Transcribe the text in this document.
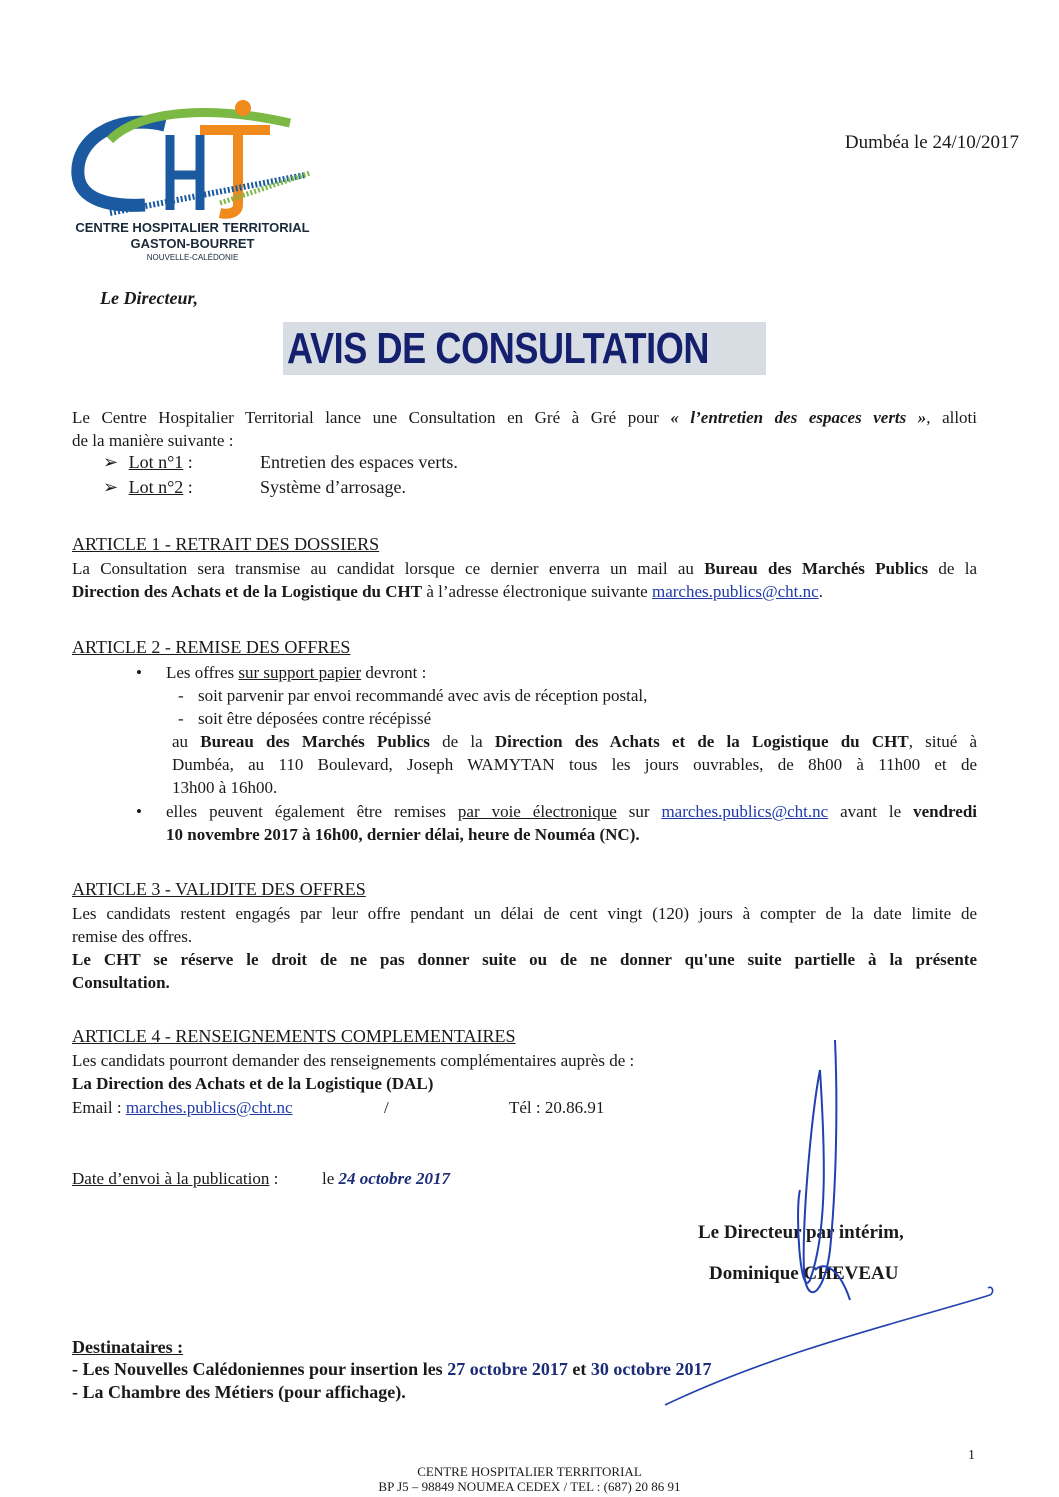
CENTRE HOSPITALIER TERRITORIAL
GASTON-BOURRET
NOUVELLE-CALÉDONIE
Dumbéa le 24/10/2017
Le Directeur,
AVIS DE CONSULTATION
Le Centre Hospitalier Territorial lance une Consultation en Gré à Gré pour « l’entretien des espaces verts », alloti
de la manière suivante :
➢ Lot n°1 :	Entretien des espaces verts.
➢ Lot n°2 :	Système d’arrosage.
ARTICLE 1 - RETRAIT DES DOSSIERS
La Consultation sera transmise au candidat lorsque ce dernier enverra un mail au Bureau des Marchés Publics de la
Direction des Achats et de la Logistique du CHT à l’adresse électronique suivante marches.publics@cht.nc.
ARTICLE 2 - REMISE DES OFFRES
• Les offres sur support papier devront :
- soit parvenir par envoi recommandé avec avis de réception postal,
- soit être déposées contre récépissé
au Bureau des Marchés Publics de la Direction des Achats et de la Logistique du CHT, situé à
Dumbéa, au 110 Boulevard, Joseph WAMYTAN tous les jours ouvrables, de 8h00 à 11h00 et de
13h00 à 16h00.
• elles peuvent également être remises par voie électronique sur marches.publics@cht.nc avant le vendredi
10 novembre 2017 à 16h00, dernier délai, heure de Nouméa (NC).
ARTICLE 3 - VALIDITE DES OFFRES
Les candidats restent engagés par leur offre pendant un délai de cent vingt (120) jours à compter de la date limite de
remise des offres.
Le CHT se réserve le droit de ne pas donner suite ou de ne donner qu'une suite partielle à la présente
Consultation.
ARTICLE 4 - RENSEIGNEMENTS COMPLEMENTAIRES
Les candidats pourront demander des renseignements complémentaires auprès de :
La Direction des Achats et de la Logistique (DAL)
Email : marches.publics@cht.nc	/	Tél : 20.86.91
Date d’envoi à la publication :	le 24 octobre 2017
Le Directeur par intérim,
Dominique CHEVEAU
Destinataires :
- Les Nouvelles Calédoniennes pour insertion les 27 octobre 2017 et 30 octobre 2017
- La Chambre des Métiers (pour affichage).
1
CENTRE HOSPITALIER TERRITORIAL
BP J5 – 98849 NOUMEA CEDEX / TEL : (687) 20 86 91
